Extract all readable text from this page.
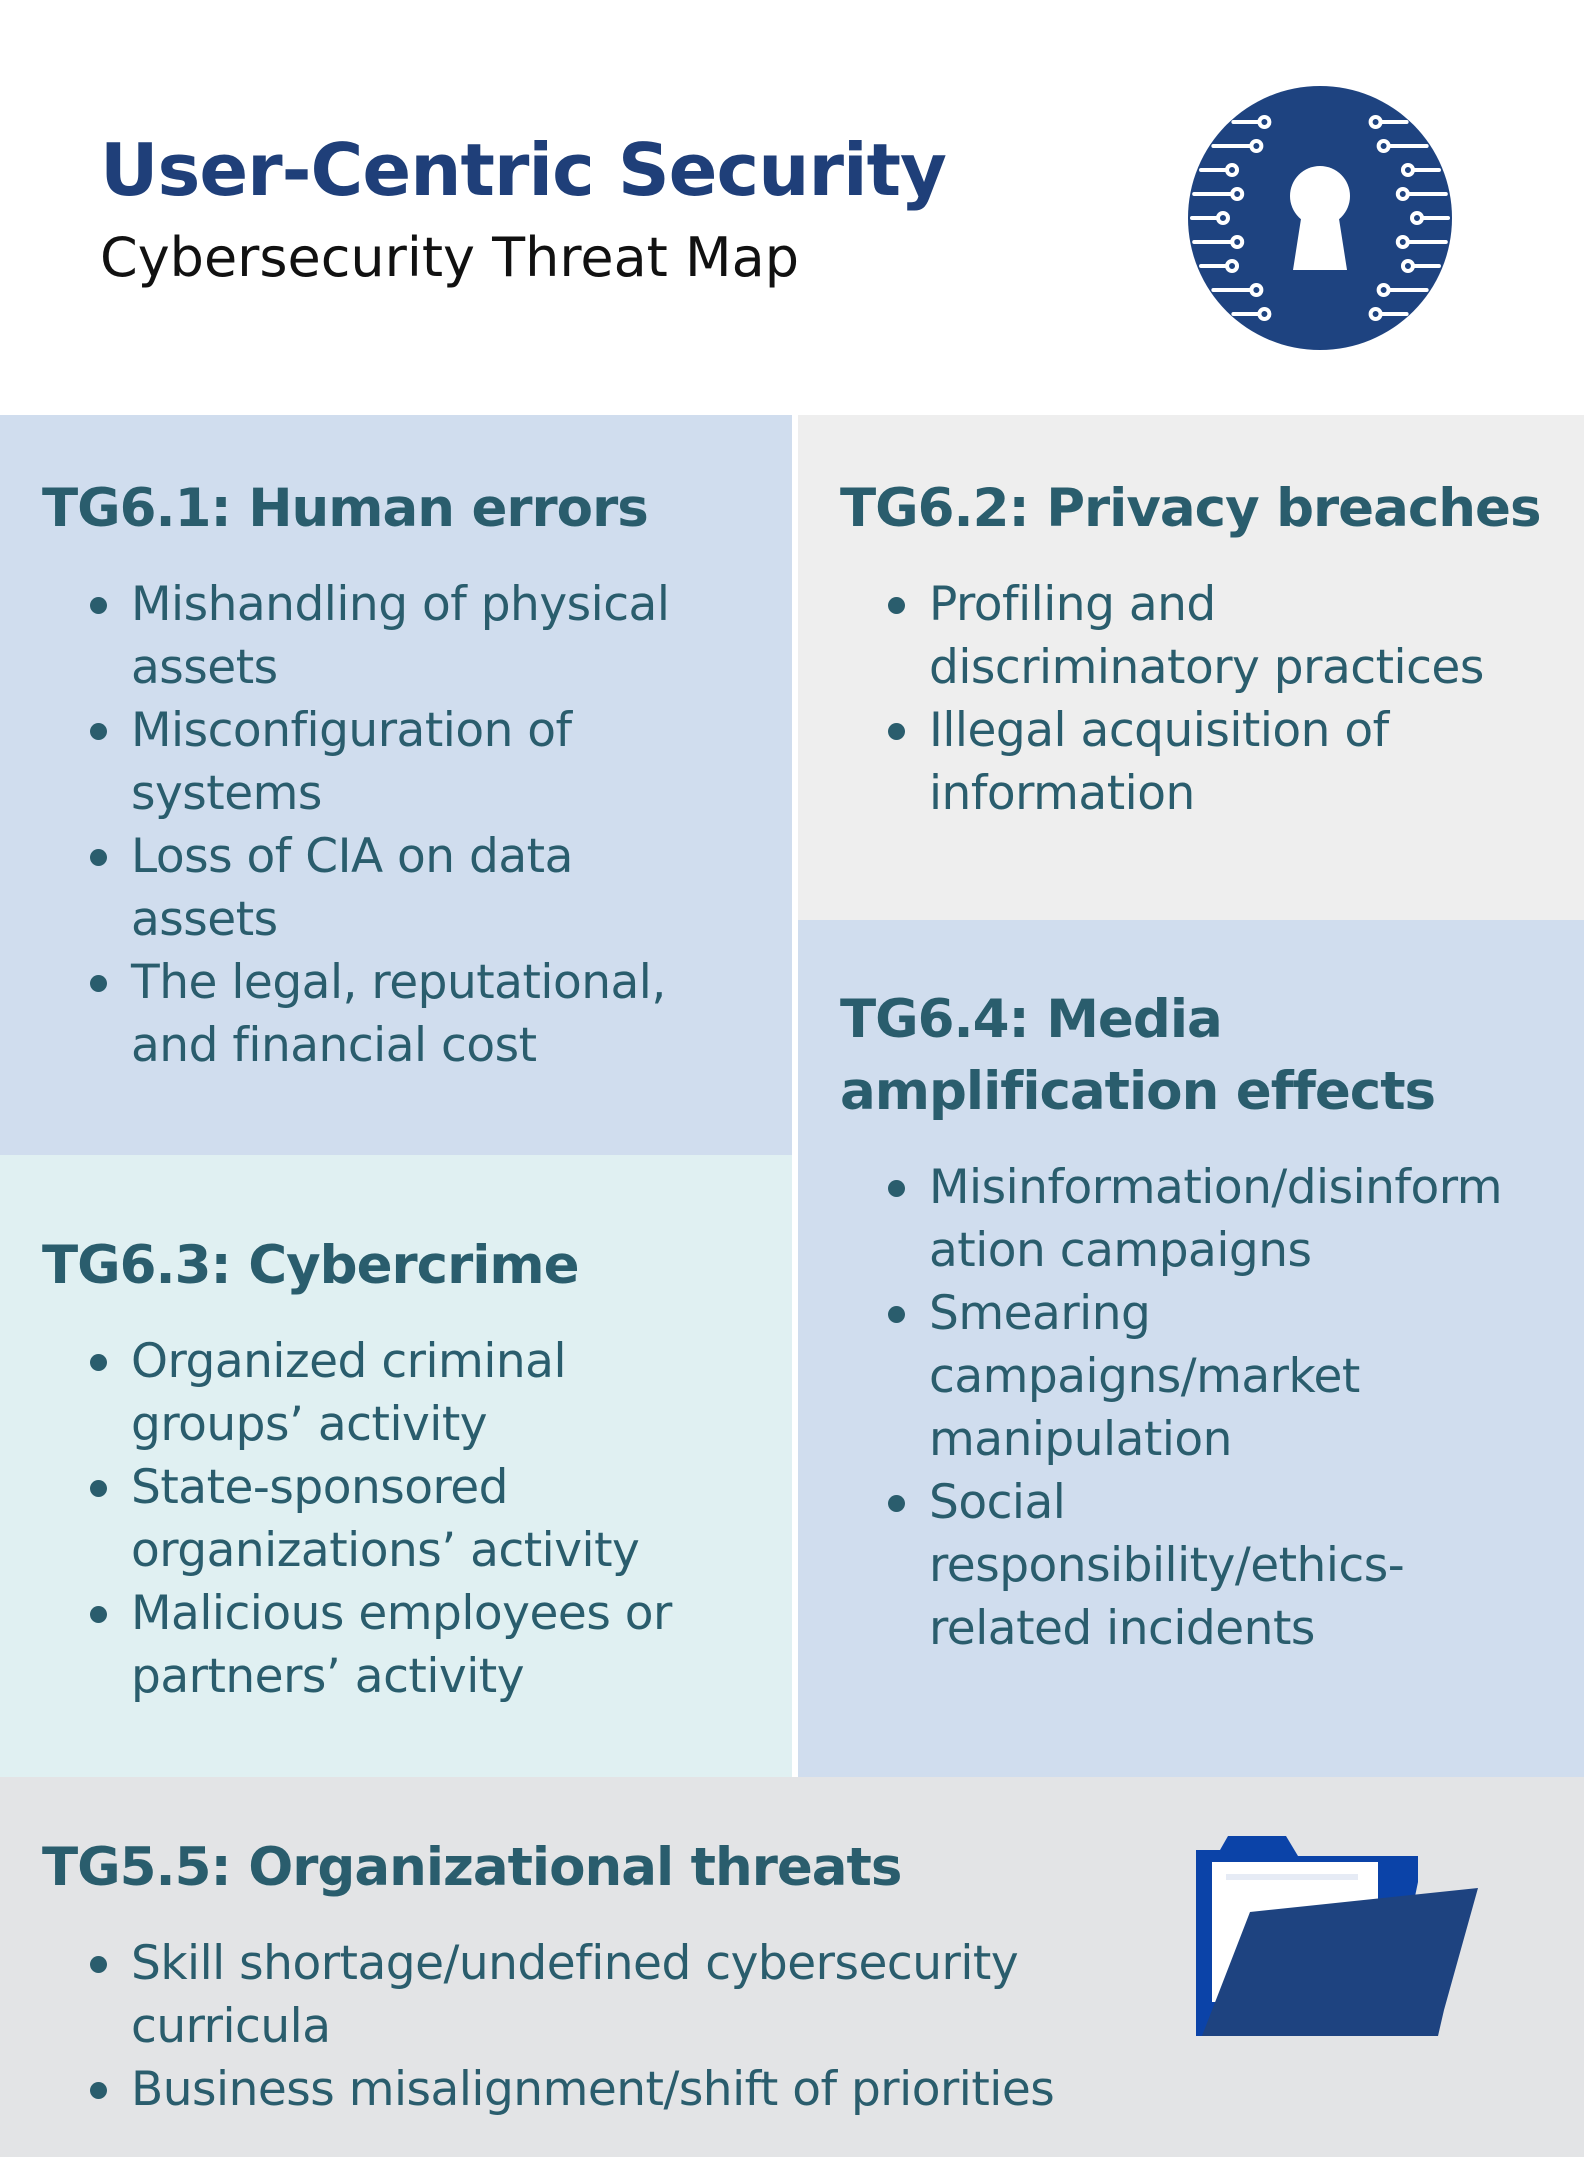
User-Centric Security

Cybersecurity Threat Map

TG6.1: Human errors
Mishandling of physical assets
Misconfiguration of systems
Loss of CIA on data assets
The legal, reputational, and financial cost
TG6.2: Privacy breaches
Profiling and discriminatory practices
Illegal acquisition of information
TG6.3: Cybercrime
Organized criminal groups’ activity
State-sponsored organizations’ activity
Malicious employees or partners’ activity
TG6.4: Media amplification effects
Misinformation/disinformation campaigns
Smearing campaigns/market manipulation
Social responsibility/ethics-related incidents
TG5.5: Organizational threats
Skill shortage/undefined cybersecurity curricula
Business misalignment/shift of priorities
